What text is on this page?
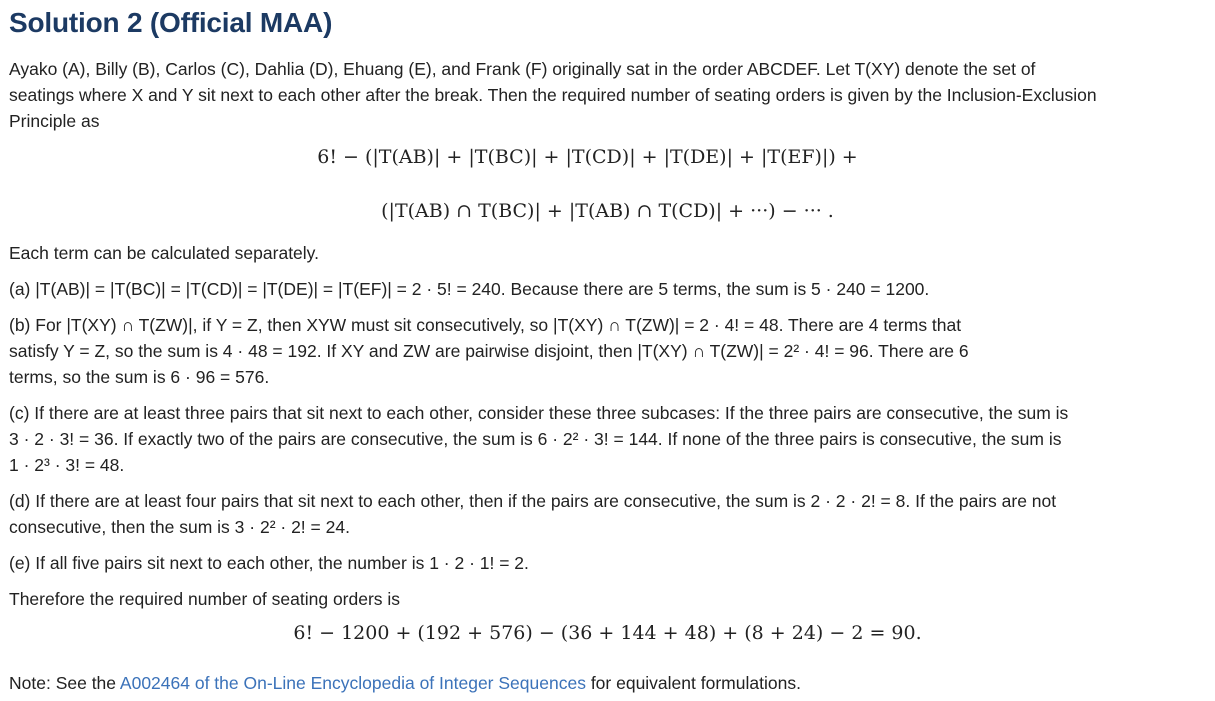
Solution 2 (Official MAA)
Ayako (A), Billy (B), Carlos (C), Dahlia (D), Ehuang (E), and Frank (F) originally sat in the order ABCDEF. Let T(XY) denote the set of
seatings where X and Y sit next to each other after the break. Then the required number of seating orders is given by the Inclusion-Exclusion
Principle as
6! − (|T(AB)| + |T(BC)| + |T(CD)| + |T(DE)| + |T(EF)|) +
(|T(AB) ∩ T(BC)| + |T(AB) ∩ T(CD)| + ···) − ··· .
Each term can be calculated separately.
(a) |T(AB)| = |T(BC)| = |T(CD)| = |T(DE)| = |T(EF)| = 2 · 5! = 240. Because there are 5 terms, the sum is 5 · 240 = 1200.
(b) For |T(XY) ∩ T(ZW)|, if Y = Z, then XYW must sit consecutively, so |T(XY) ∩ T(ZW)| = 2 · 4! = 48. There are 4 terms that
satisfy Y = Z, so the sum is 4 · 48 = 192. If XY and ZW are pairwise disjoint, then |T(XY) ∩ T(ZW)| = 2² · 4! = 96. There are 6
terms, so the sum is 6 · 96 = 576.
(c) If there are at least three pairs that sit next to each other, consider these three subcases: If the three pairs are consecutive, the sum is
3 · 2 · 3! = 36. If exactly two of the pairs are consecutive, the sum is 6 · 2² · 3! = 144. If none of the three pairs is consecutive, the sum is
1 · 2³ · 3! = 48.
(d) If there are at least four pairs that sit next to each other, then if the pairs are consecutive, the sum is 2 · 2 · 2! = 8. If the pairs are not
consecutive, then the sum is 3 · 2² · 2! = 24.
(e) If all five pairs sit next to each other, the number is 1 · 2 · 1! = 2.
Therefore the required number of seating orders is
6! − 1200 + (192 + 576) − (36 + 144 + 48) + (8 + 24) − 2 = 90.
Note: See the A002464 of the On-Line Encyclopedia of Integer Sequences for equivalent formulations.
